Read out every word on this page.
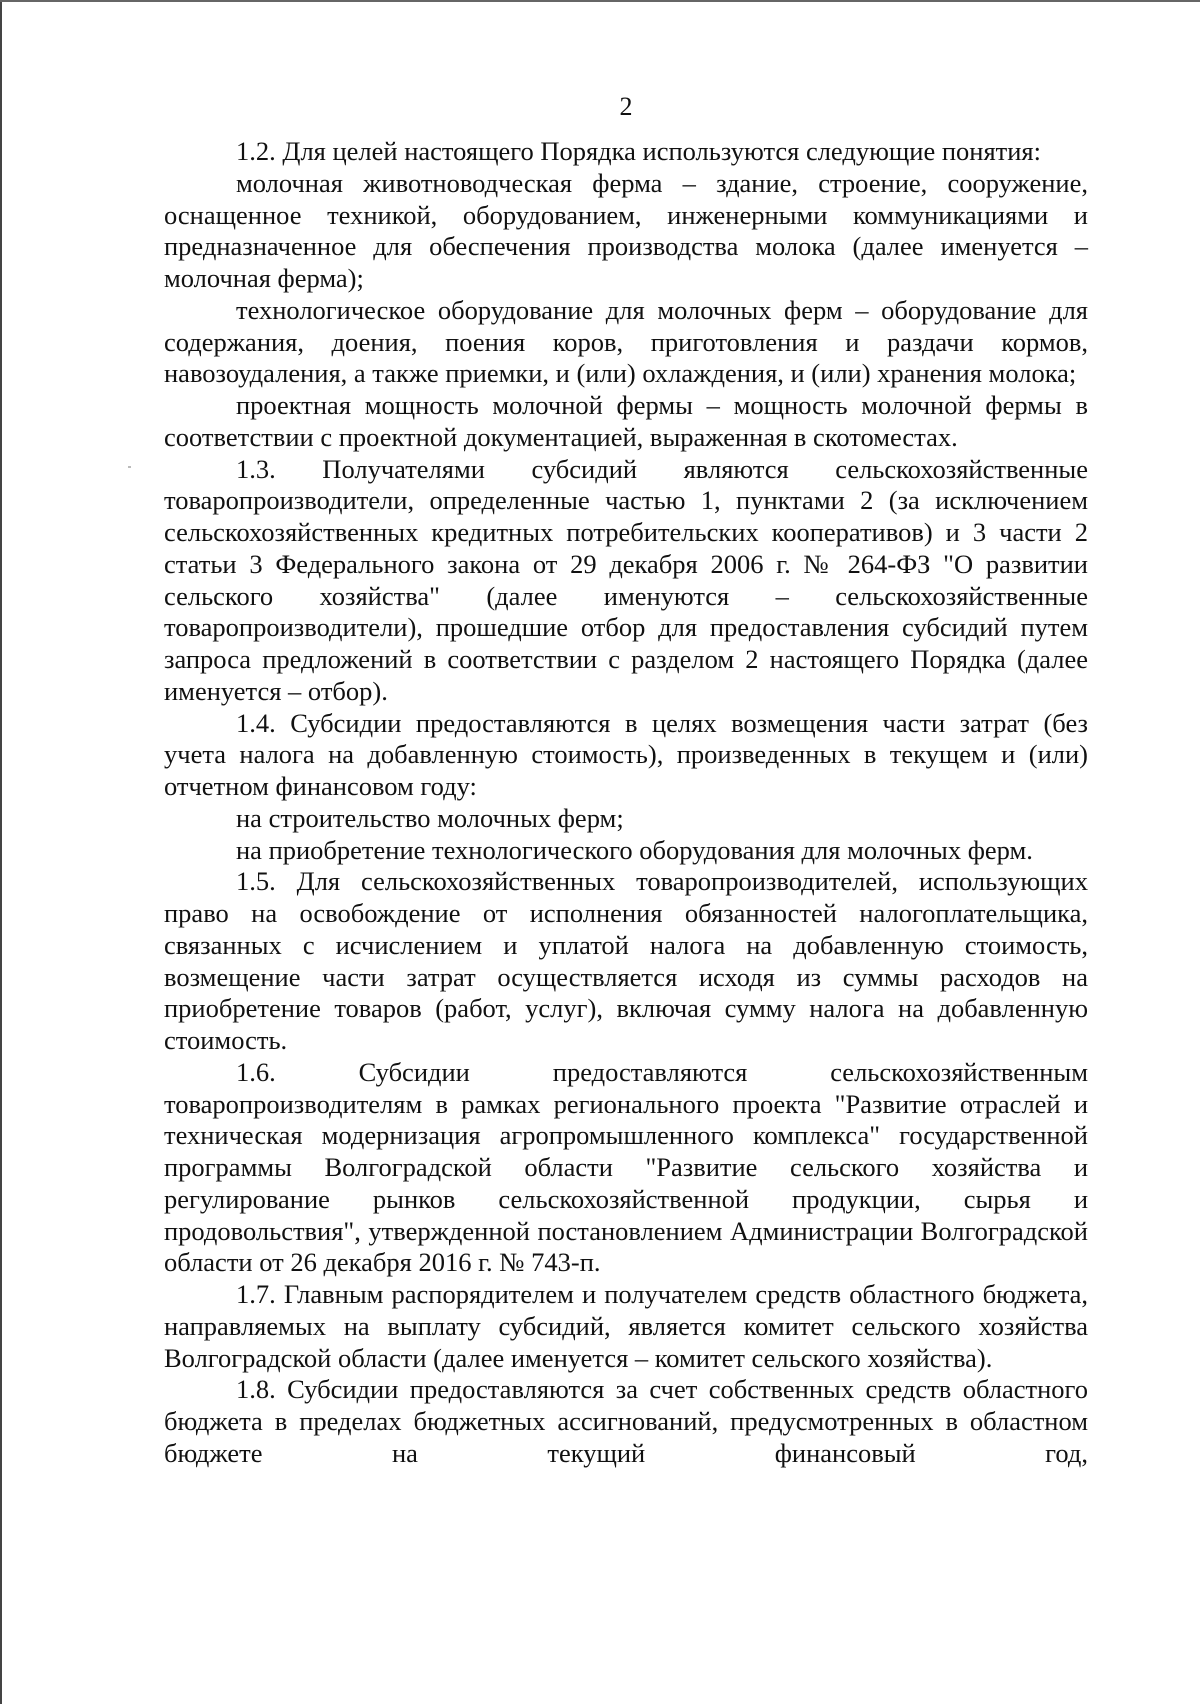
2

1.2. Для целей настоящего Порядка используются следующие понятия:

молочная животноводческая ферма – здание, строение, сооружение, оснащенное техникой, оборудованием, инженерными коммуникациями и предназначенное для обеспечения производства молока (далее именуется – молочная ферма);

технологическое оборудование для молочных ферм – оборудование для содержания, доения, поения коров, приготовления и раздачи кормов, навозоудаления, а также приемки, и (или) охлаждения, и (или) хранения молока;

проектная мощность молочной фермы – мощность молочной фермы в соответствии с проектной документацией, выраженная в скотоместах.

1.3. Получателями субсидий являются сельскохозяйственные товаропроизводители, определенные частью 1, пунктами 2 (за исключением сельскохозяйственных кредитных потребительских кооперативов) и 3 части 2 статьи 3 Федерального закона от 29 декабря 2006 г. № 264-ФЗ "О развитии сельского хозяйства" (далее именуются – сельскохозяйственные товаропроизводители), прошедшие отбор для предоставления субсидий путем запроса предложений в соответствии с разделом 2 настоящего Порядка (далее именуется – отбор).

1.4. Субсидии предоставляются в целях возмещения части затрат (без учета налога на добавленную стоимость), произведенных в текущем и (или) отчетном финансовом году:

на строительство молочных ферм;

на приобретение технологического оборудования для молочных ферм.

1.5. Для сельскохозяйственных товаропроизводителей, использующих право на освобождение от исполнения обязанностей налогоплательщика, связанных с исчислением и уплатой налога на добавленную стоимость, возмещение части затрат осуществляется исходя из суммы расходов на приобретение товаров (работ, услуг), включая сумму налога на добавленную стоимость.

1.6. Субсидии предоставляются сельскохозяйственным товаропроизводителям в рамках регионального проекта "Развитие отраслей и техническая модернизация агропромышленного комплекса" государственной программы Волгоградской области "Развитие сельского хозяйства и регулирование рынков сельскохозяйственной продукции, сырья и продовольствия", утвержденной постановлением Администрации Волгоградской области от 26 декабря 2016 г. № 743-п.

1.7. Главным распорядителем и получателем средств областного бюджета, направляемых на выплату субсидий, является комитет сельского хозяйства Волгоградской области (далее именуется – комитет сельского хозяйства).

1.8. Субсидии предоставляются за счет собственных средств областного бюджета в пределах бюджетных ассигнований, предусмотренных в областном бюджете на текущий финансовый год,
